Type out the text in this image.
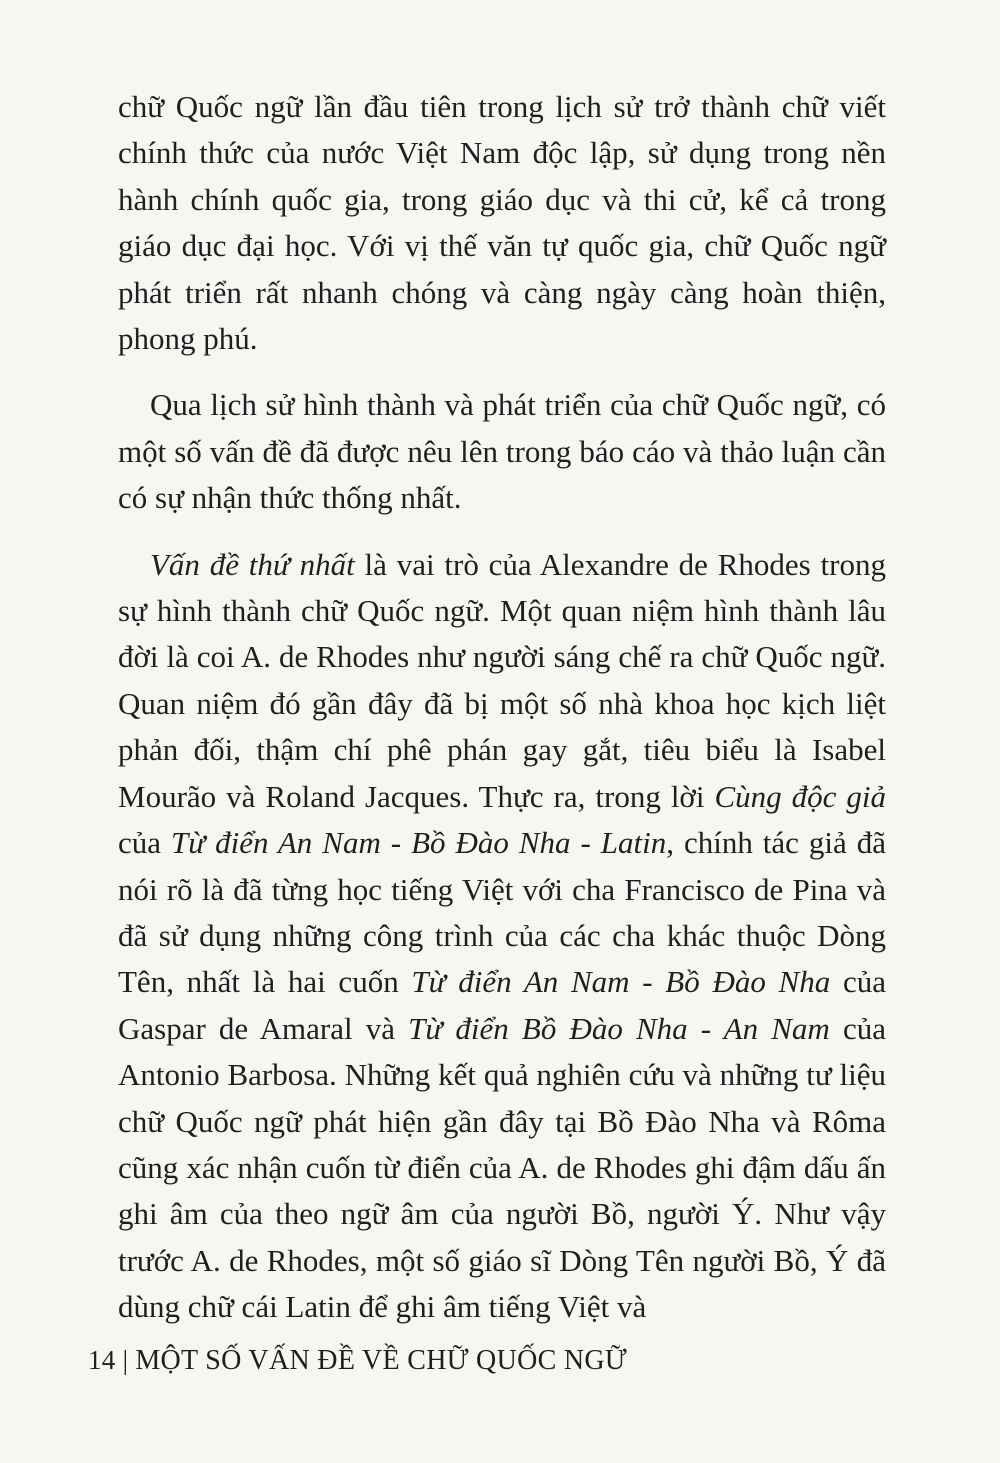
chữ Quốc ngữ lần đầu tiên trong lịch sử trở thành chữ viết chính thức của nước Việt Nam độc lập, sử dụng trong nền hành chính quốc gia, trong giáo dục và thi cử, kể cả trong giáo dục đại học. Với vị thế văn tự quốc gia, chữ Quốc ngữ phát triển rất nhanh chóng và càng ngày càng hoàn thiện, phong phú.

Qua lịch sử hình thành và phát triển của chữ Quốc ngữ, có một số vấn đề đã được nêu lên trong báo cáo và thảo luận cần có sự nhận thức thống nhất.

Vấn đề thứ nhất là vai trò của Alexandre de Rhodes trong sự hình thành chữ Quốc ngữ. Một quan niệm hình thành lâu đời là coi A. de Rhodes như người sáng chế ra chữ Quốc ngữ. Quan niệm đó gần đây đã bị một số nhà khoa học kịch liệt phản đối, thậm chí phê phán gay gắt, tiêu biểu là Isabel Mourão và Roland Jacques. Thực ra, trong lời Cùng độc giả của Từ điển An Nam - Bồ Đào Nha - Latin, chính tác giả đã nói rõ là đã từng học tiếng Việt với cha Francisco de Pina và đã sử dụng những công trình của các cha khác thuộc Dòng Tên, nhất là hai cuốn Từ điển An Nam - Bồ Đào Nha của Gaspar de Amaral và Từ điển Bồ Đào Nha - An Nam của Antonio Barbosa. Những kết quả nghiên cứu và những tư liệu chữ Quốc ngữ phát hiện gần đây tại Bồ Đào Nha và Rôma cũng xác nhận cuốn từ điển của A. de Rhodes ghi đậm dấu ấn ghi âm của theo ngữ âm của người Bồ, người Ý. Như vậy trước A. de Rhodes, một số giáo sĩ Dòng Tên người Bồ, Ý đã dùng chữ cái Latin để ghi âm tiếng Việt và

14 | MỘT SỐ VẤN ĐỀ VỀ CHỮ QUỐC NGỮ
